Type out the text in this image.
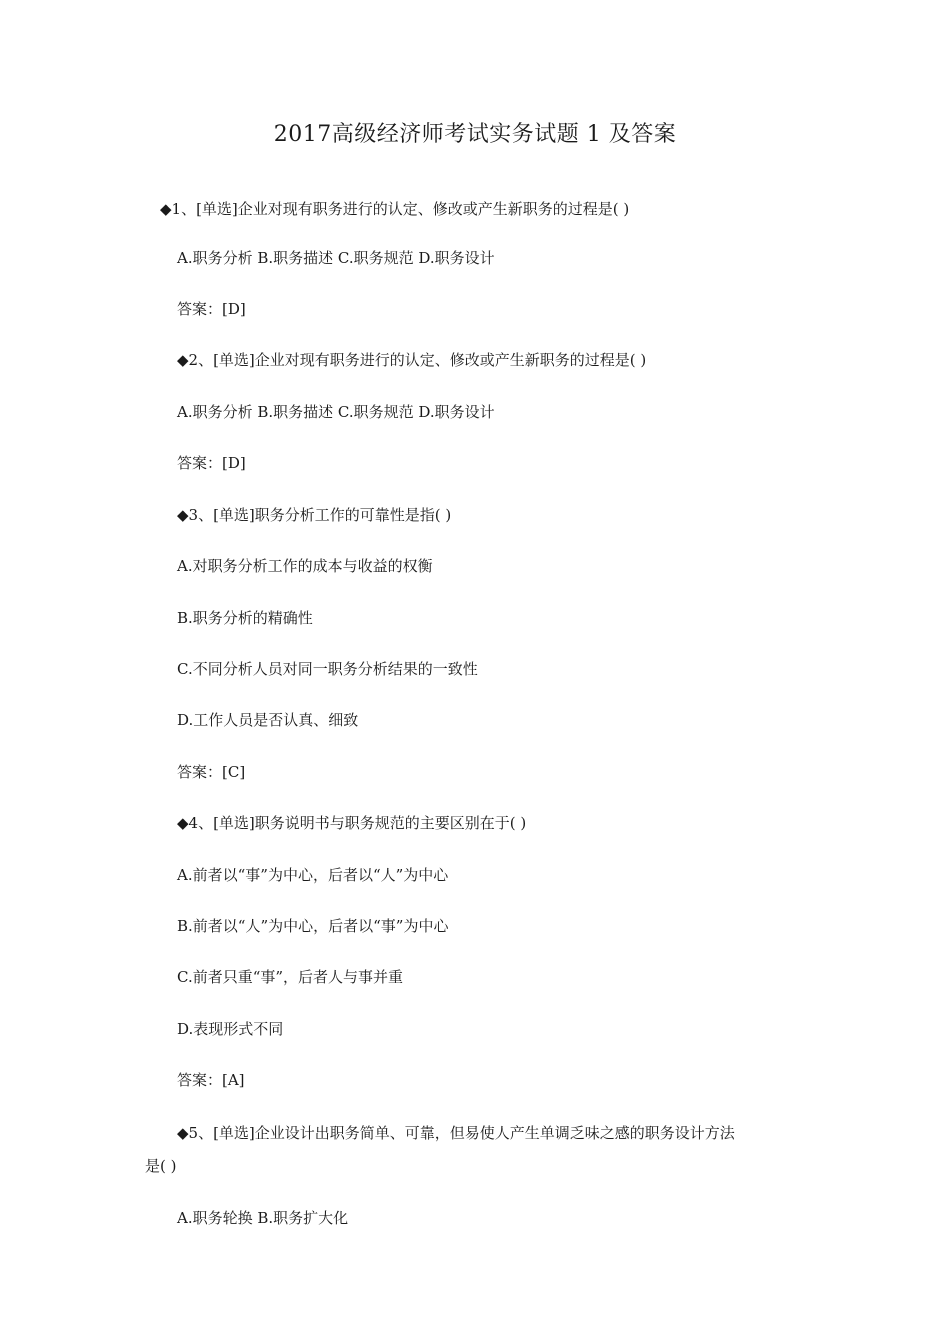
2017高级经济师考试实务试题 1 及答案
◆1、[单选]企业对现有职务进行的认定、修改或产生新职务的过程是( )
A.职务分析 B.职务描述 C.职务规范 D.职务设计
答案：[D]
◆2、[单选]企业对现有职务进行的认定、修改或产生新职务的过程是( )
A.职务分析 B.职务描述 C.职务规范 D.职务设计
答案：[D]
◆3、[单选]职务分析工作的可靠性是指( )
A.对职务分析工作的成本与收益的权衡
B.职务分析的精确性
C.不同分析人员对同一职务分析结果的一致性
D.工作人员是否认真、细致
答案：[C]
◆4、[单选]职务说明书与职务规范的主要区别在于( )
A.前者以“事”为中心，后者以“人”为中心
B.前者以“人”为中心，后者以“事”为中心
C.前者只重“事”，后者人与事并重
D.表现形式不同
答案：[A]
◆5、[单选]企业设计出职务简单、可靠，但易使人产生单调乏味之感的职务设计方法
是( )
A.职务轮换 B.职务扩大化
